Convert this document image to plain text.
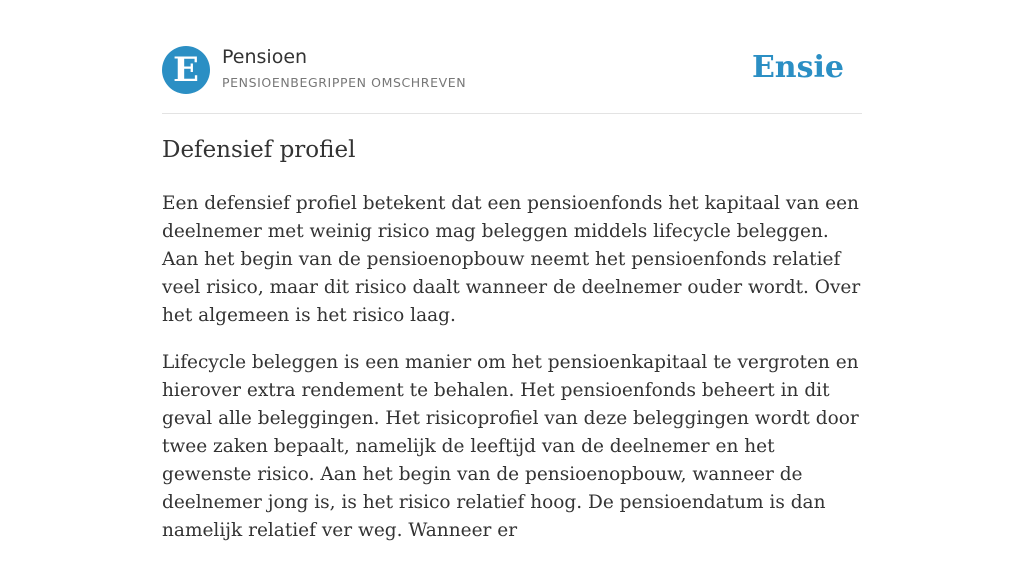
E	Pensioen
PENSIOENBEGRIPPEN OMSCHREVEN	Ensie
Defensief profiel

Een defensief profiel betekent dat een pensioenfonds het kapitaal van een deelnemer met weinig risico mag beleggen middels lifecycle beleggen. Aan het begin van de pensioenopbouw neemt het pensioenfonds relatief veel risico, maar dit risico daalt wanneer de deelnemer ouder wordt. Over het algemeen is het risico laag.

Lifecycle beleggen is een manier om het pensioenkapitaal te vergroten en hierover extra rendement te behalen. Het pensioenfonds beheert in dit geval alle beleggingen. Het risicoprofiel van deze beleggingen wordt door twee zaken bepaalt, namelijk de leeftijd van de deelnemer en het gewenste risico. Aan het begin van de pensioenopbouw, wanneer de deelnemer jong is, is het risico relatief hoog. De pensioendatum is dan namelijk relatief ver weg. Wanneer er
